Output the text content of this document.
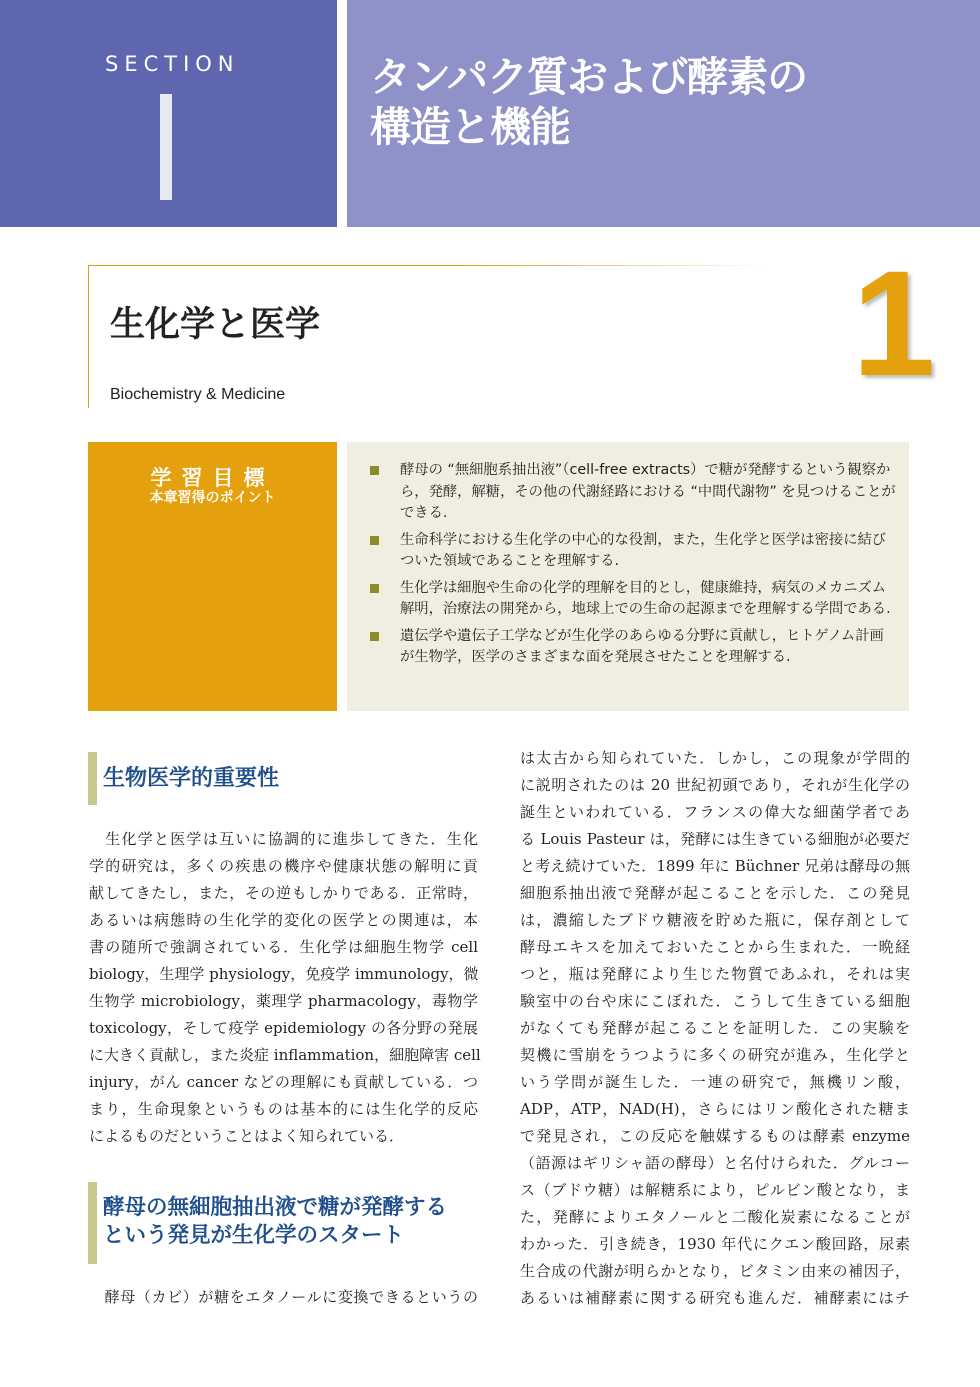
SECTION	タンパク質および酵素の
構造と機能
生化学と医学
Biochemistry & Medicine	1
学習目標
本章習得のポイント
酵母の “無細胞系抽出液”（cell-free extracts）で糖が発酵するという観察から，発酵，解糖，その他の代謝経路における “中間代謝物” を見つけることができる.
生命科学における生化学の中心的な役割，また，生化学と医学は密接に結びついた領域であることを理解する.
生化学は細胞や生命の化学的理解を目的とし，健康維持，病気のメカニズム解明，治療法の開発から，地球上での生命の起源までを理解する学問である.
遺伝学や遺伝子工学などが生化学のあらゆる分野に貢献し，ヒトゲノム計画が生物学，医学のさまざまな面を発展させたことを理解する.
生物医学的重要性
　生化学と医学は互いに協調的に進歩してきた．生化
学的研究は，多くの疾患の機序や健康状態の解明に貢
献してきたし，また，その逆もしかりである．正常時，
あるいは病態時の生化学的変化の医学との関連は，本
書の随所で強調されている．生化学は細胞生物学 cell
biology，生理学 physiology，免疫学 immunology，微
生物学 microbiology，薬理学 pharmacology，毒物学
toxicology，そして疫学 epidemiology の各分野の発展
に大きく貢献し，また炎症 inflammation，細胞障害 cell
injury，がん cancer などの理解にも貢献している．つ
まり，生命現象というものは基本的には生化学的反応
によるものだということはよく知られている．
酵母の無細胞抽出液で糖が発酵する
という発見が生化学のスタート
　酵母（カビ）が糖をエタノールに変換できるというの
は太古から知られていた．しかし，この現象が学問的
に説明されたのは 20 世紀初頭であり，それが生化学の
誕生といわれている．フランスの偉大な細菌学者であ
る Louis Pasteur は，発酵には生きている細胞が必要だ
と考え続けていた．1899 年に Büchner 兄弟は酵母の無
細胞系抽出液で発酵が起こることを示した．この発見
は，濃縮したブドウ糖液を貯めた瓶に，保存剤として
酵母エキスを加えておいたことから生まれた．一晩経
つと，瓶は発酵により生じた物質であふれ，それは実
験室中の台や床にこぼれた．こうして生きている細胞
がなくても発酵が起こることを証明した．この実験を
契機に雪崩をうつように多くの研究が進み，生化学と
いう学問が誕生した．一連の研究で，無機リン酸，
ADP，ATP，NAD(H)，さらにはリン酸化された糖ま
で発見され，この反応を触媒するものは酵素 enzyme
（語源はギリシャ語の酵母）と名付けられた．グルコー
ス（ブドウ糖）は解糖系により，ピルビン酸となり，ま
た，発酵によりエタノールと二酸化炭素になることが
わかった．引き続き，1930 年代にクエン酸回路，尿素
生合成の代謝が明らかとなり，ビタミン由来の補因子，
あるいは補酵素に関する研究も進んだ．補酵素にはチ
